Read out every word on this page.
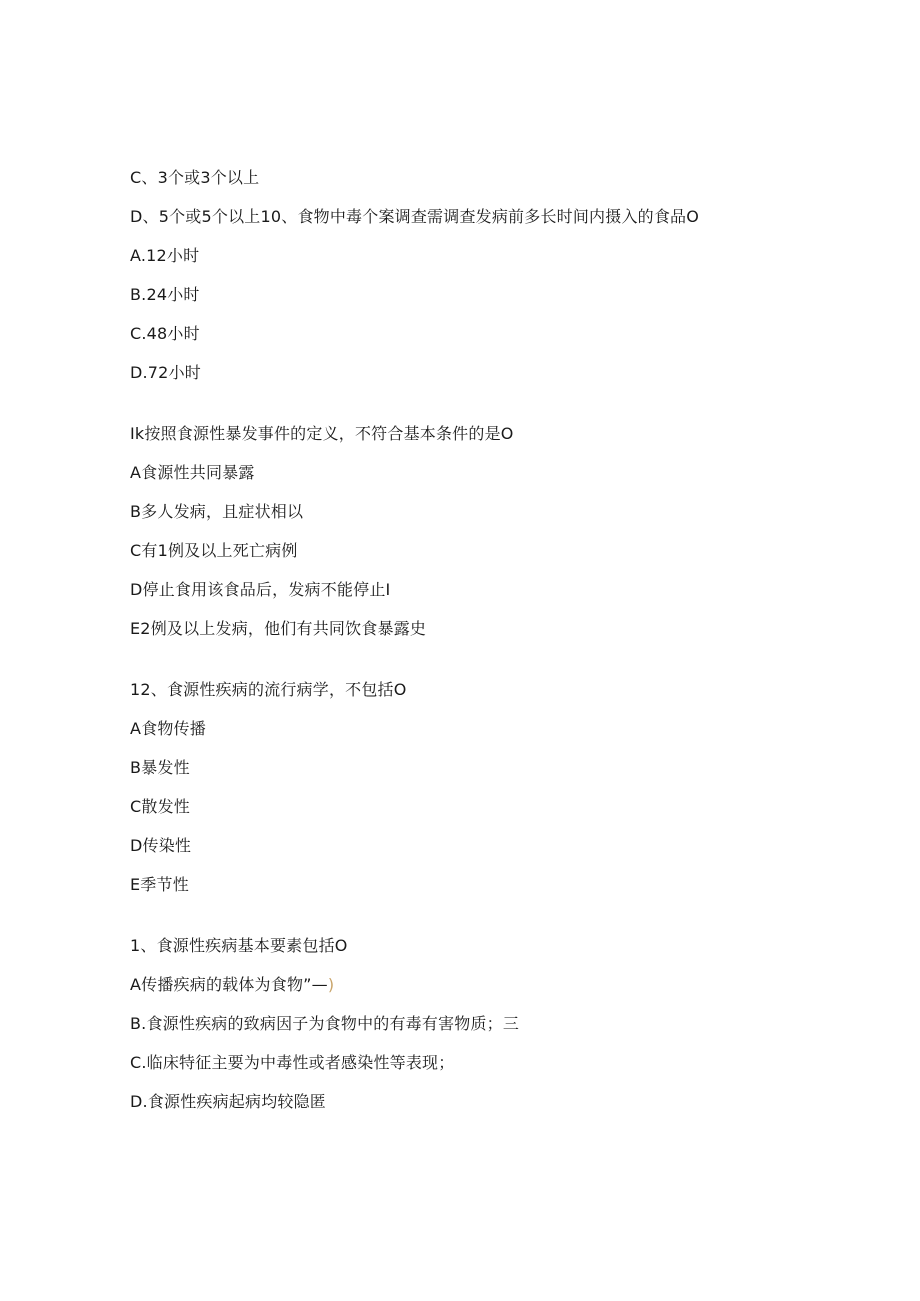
C、3个或3个以上
D、5个或5个以上10、食物中毒个案调查需调查发病前多长时间内摄入的食品O
A.12小时
B.24小时
C.48小时
D.72小时
Ik按照食源性暴发事件的定义，不符合基本条件的是O
A食源性共同暴露
B多人发病，且症状相以
C有1例及以上死亡病例
D停止食用该食品后，发病不能停止I
E2例及以上发病，他们有共同饮食暴露史
12、食源性疾病的流行病学，不包括O
A食物传播
B暴发性
C散发性
D传染性
E季节性
1、食源性疾病基本要素包括O
A传播疾病的载体为食物”—)
B.食源性疾病的致病因子为食物中的有毒有害物质；三
C.临床特征主要为中毒性或者感染性等表现；
D.食源性疾病起病均较隐匿
